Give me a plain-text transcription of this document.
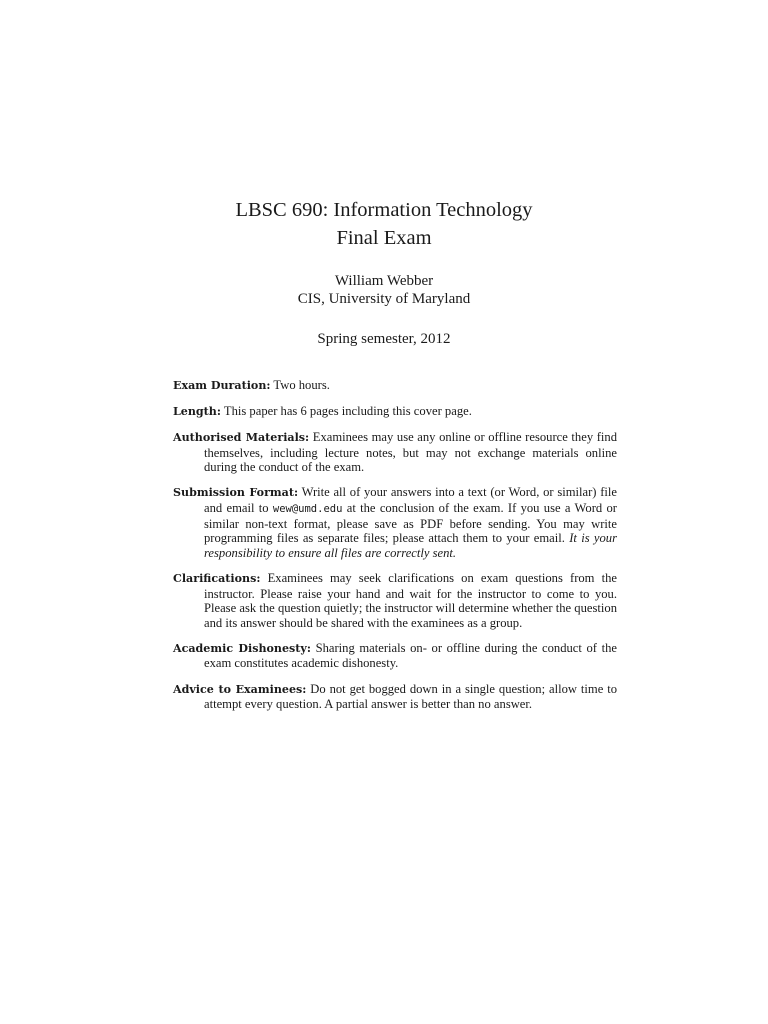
LBSC 690: Information Technology
Final Exam
William Webber
CIS, University of Maryland
Spring semester, 2012

Exam Duration: Two hours.

Length: This paper has 6 pages including this cover page.

Authorised Materials: Examinees may use any online or offline resource they find themselves, including lecture notes, but may not exchange materials online during the conduct of the exam.

Submission Format: Write all of your answers into a text (or Word, or similar) file and email to wew@umd.edu at the conclusion of the exam. If you use a Word or similar non-text format, please save as PDF before sending. You may write programming files as separate files; please attach them to your email. It is your responsibility to ensure all files are correctly sent.

Clarifications: Examinees may seek clarifications on exam questions from the instructor. Please raise your hand and wait for the instructor to come to you. Please ask the question quietly; the instructor will determine whether the question and its answer should be shared with the examinees as a group.

Academic Dishonesty: Sharing materials on- or offline during the conduct of the exam constitutes academic dishonesty.

Advice to Examinees: Do not get bogged down in a single question; allow time to attempt every question. A partial answer is better than no answer.
